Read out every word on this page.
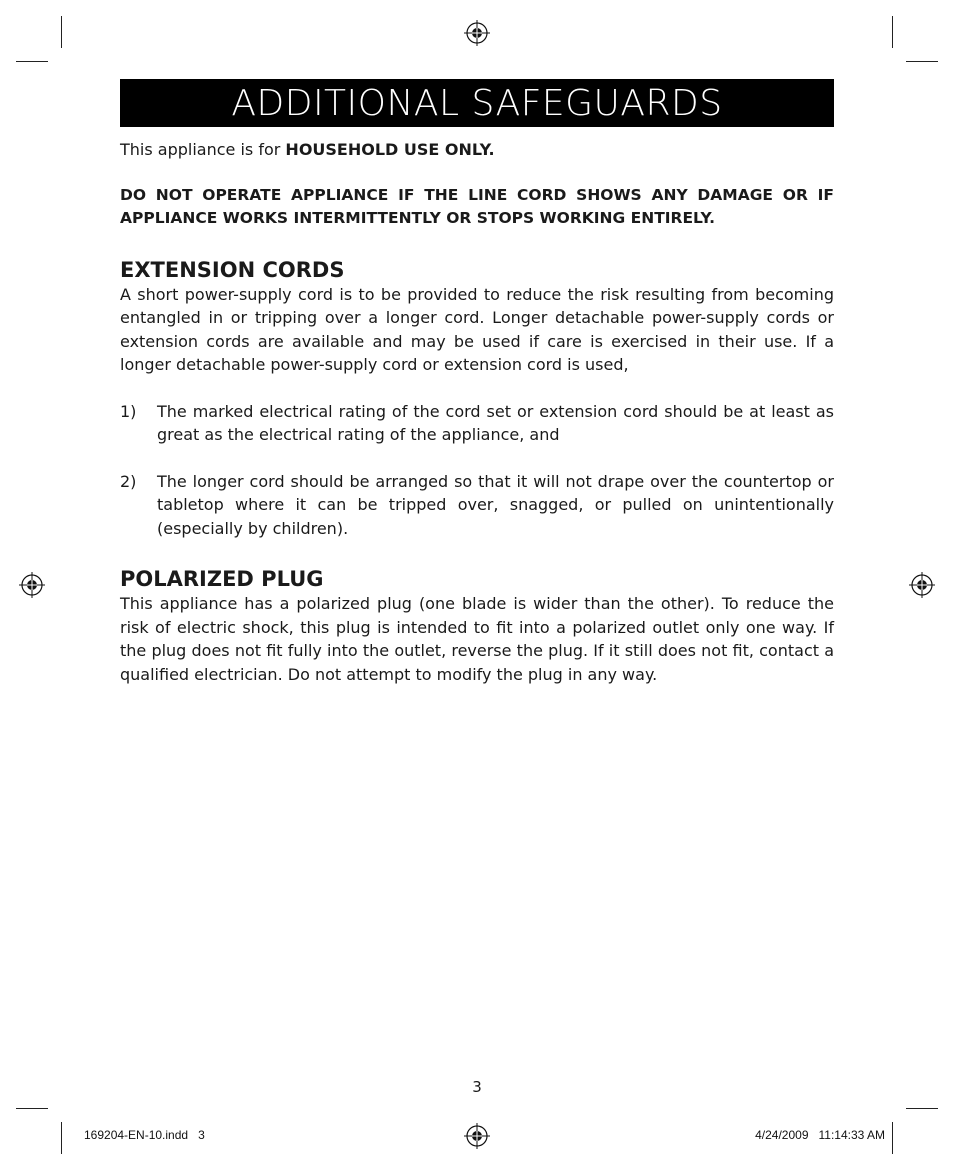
ADDITIONAL SAFEGUARDS

This appliance is for HOUSEHOLD USE ONLY.

DO NOT OPERATE APPLIANCE IF THE LINE CORD SHOWS ANY DAMAGE OR IF APPLIANCE WORKS INTERMITTENTLY OR STOPS WORKING ENTIRELY.

EXTENSION CORDS

A short power-supply cord is to be provided to reduce the risk resulting from becoming entangled in or tripping over a longer cord. Longer detachable power-supply cords or extension cords are available and may be used if care is exercised in their use. If a longer detachable power-supply cord or extension cord is used,

1)	The marked electrical rating of the cord set or extension cord should be at least as great as the electrical rating of the appliance, and
2)	The longer cord should be arranged so that it will not drape over the countertop or tabletop where it can be tripped over, snagged, or pulled on unintentionally (especially by children).
POLARIZED PLUG

This appliance has a polarized plug (one blade is wider than the other). To reduce the risk of electric shock, this plug is intended to fit into a polarized outlet only one way. If the plug does not fit fully into the outlet, reverse the plug. If it still does not fit, contact a qualified electrician. Do not attempt to modify the plug in any way.

3
169204-EN-10.indd   3	4/24/2009   11:14:33 AM
